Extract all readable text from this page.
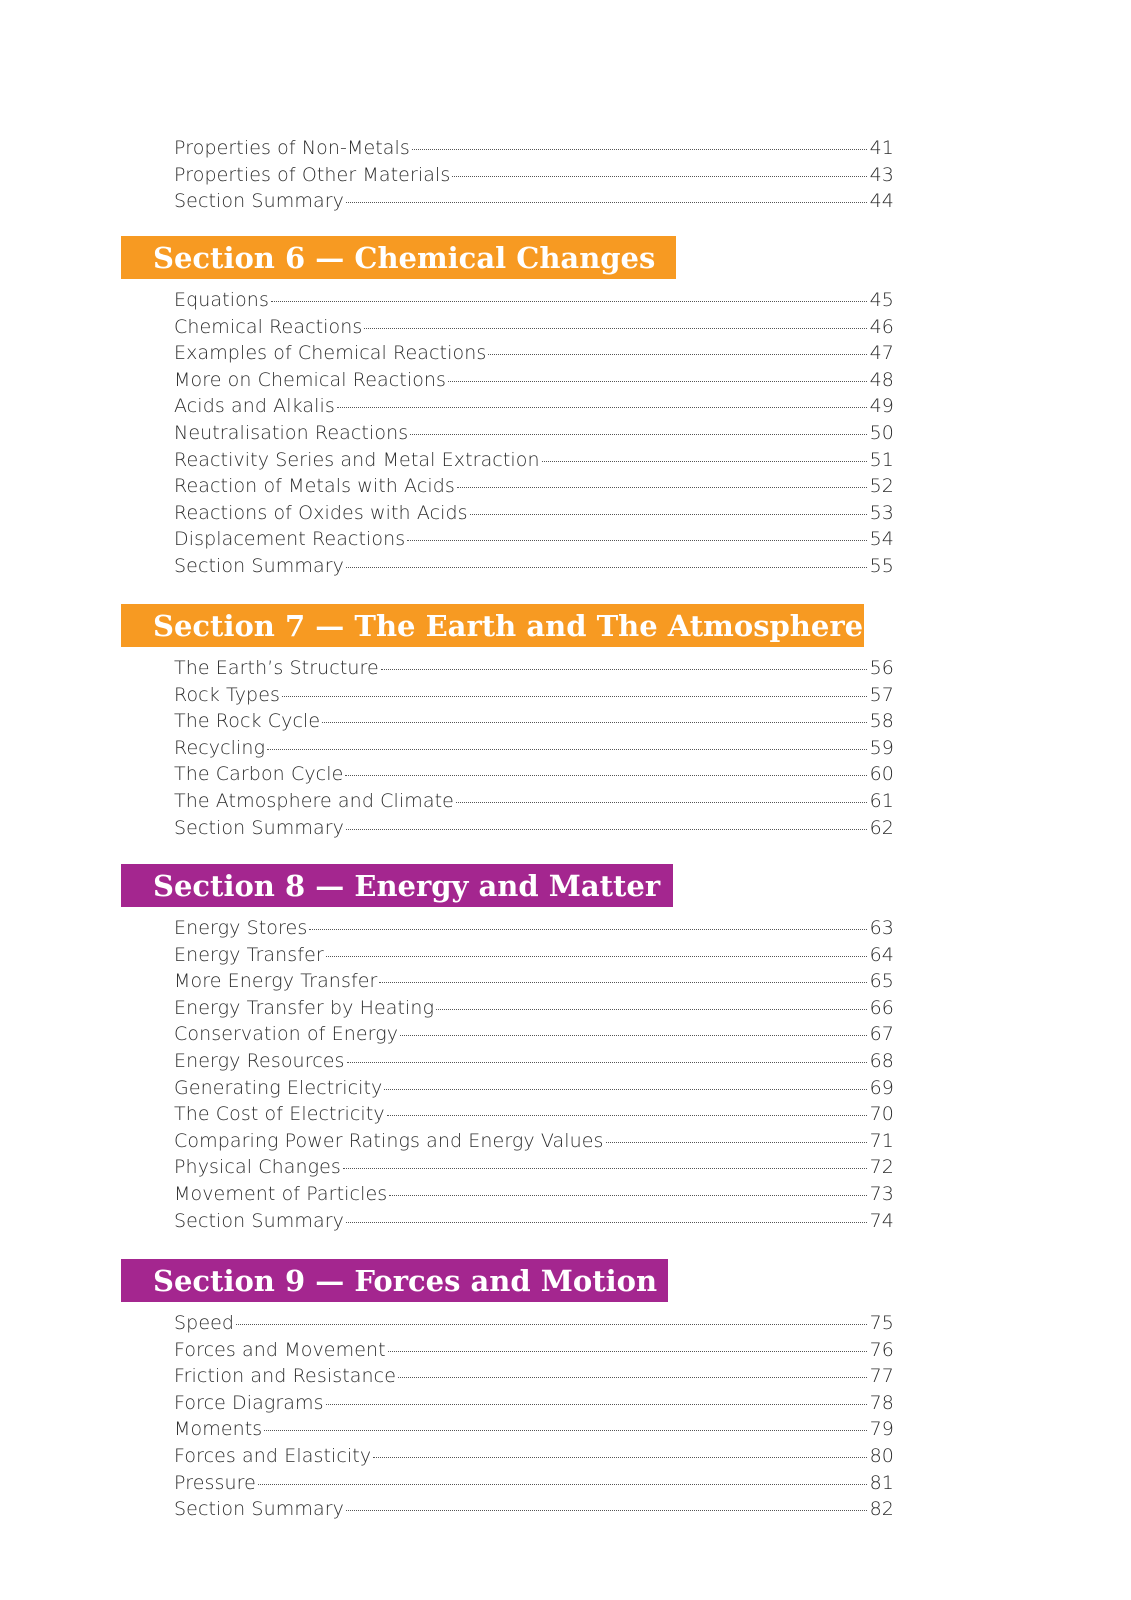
Properties of Non-Metals	41
Properties of Other Materials	43
Section Summary	44
Section 6 — Chemical Changes
Equations	45
Chemical Reactions	46
Examples of Chemical Reactions	47
More on Chemical Reactions	48
Acids and Alkalis	49
Neutralisation Reactions	50
Reactivity Series and Metal Extraction	51
Reaction of Metals with Acids	52
Reactions of Oxides with Acids	53
Displacement Reactions	54
Section Summary	55
Section 7 — The Earth and The Atmosphere
The Earth’s Structure	56
Rock Types	57
The Rock Cycle	58
Recycling	59
The Carbon Cycle	60
The Atmosphere and Climate	61
Section Summary	62
Section 8 — Energy and Matter
Energy Stores	63
Energy Transfer	64
More Energy Transfer	65
Energy Transfer by Heating	66
Conservation of Energy	67
Energy Resources	68
Generating Electricity	69
The Cost of Electricity	70
Comparing Power Ratings and Energy Values	71
Physical Changes	72
Movement of Particles	73
Section Summary	74
Section 9 — Forces and Motion
Speed	75
Forces and Movement	76
Friction and Resistance	77
Force Diagrams	78
Moments	79
Forces and Elasticity	80
Pressure	81
Section Summary	82
